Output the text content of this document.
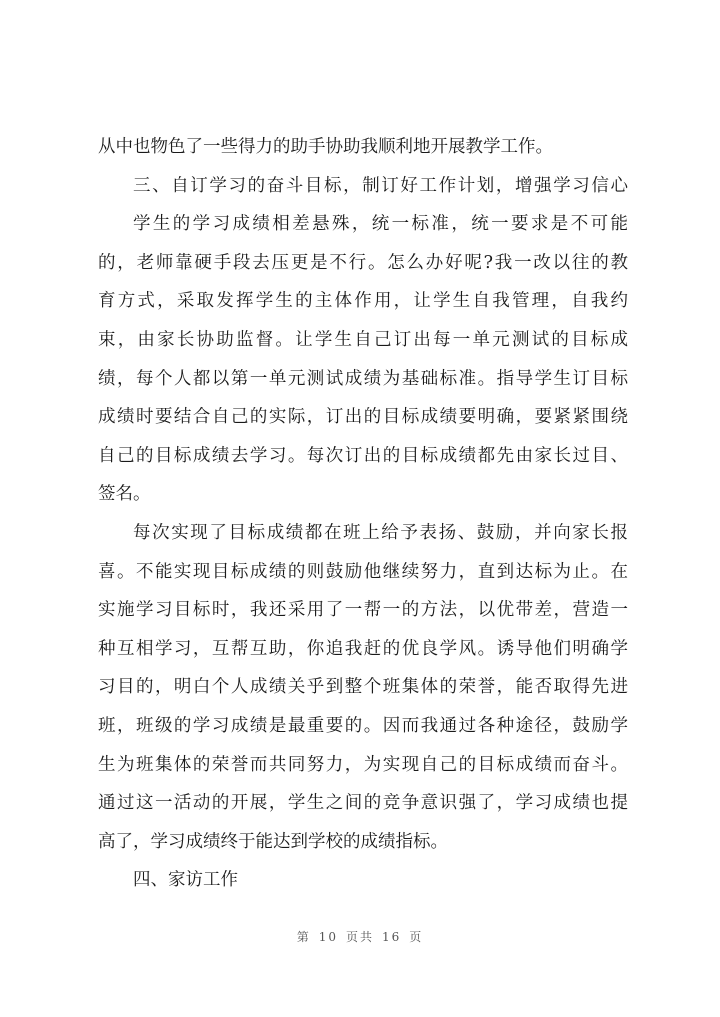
从中也物色了一些得力的助手协助我顺利地开展教学工作。
三、自订学习的奋斗目标，制订好工作计划，增强学习信心
学生的学习成绩相差悬殊，统一标准，统一要求是不可能
的，老师靠硬手段去压更是不行。怎么办好呢?我一改以往的教
育方式，采取发挥学生的主体作用，让学生自我管理，自我约
束，由家长协助监督。让学生自己订出每一单元测试的目标成
绩，每个人都以第一单元测试成绩为基础标准。指导学生订目标
成绩时要结合自己的实际，订出的目标成绩要明确，要紧紧围绕
自己的目标成绩去学习。每次订出的目标成绩都先由家长过目、
签名。
每次实现了目标成绩都在班上给予表扬、鼓励，并向家长报
喜。不能实现目标成绩的则鼓励他继续努力，直到达标为止。在
实施学习目标时，我还采用了一帮一的方法，以优带差，营造一
种互相学习，互帮互助，你追我赶的优良学风。诱导他们明确学
习目的，明白个人成绩关乎到整个班集体的荣誉，能否取得先进
班，班级的学习成绩是最重要的。因而我通过各种途径，鼓励学
生为班集体的荣誉而共同努力，为实现自己的目标成绩而奋斗。
通过这一活动的开展，学生之间的竞争意识强了，学习成绩也提
高了，学习成绩终于能达到学校的成绩指标。
四、家访工作
第 10 页共 16 页
